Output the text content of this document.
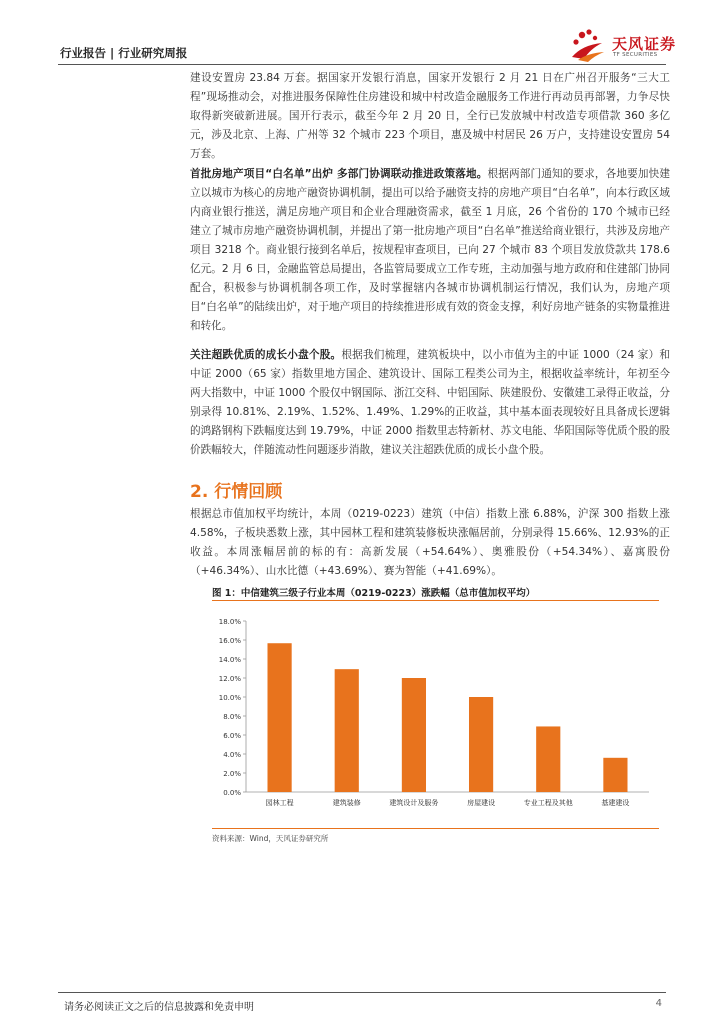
行业报告 | 行业研究周报	天风证券
TF SECURITIES

建设安置房 23.84 万套。据国家开发银行消息，国家开发银行 2 月 21 日在广州召开服务“三大工程”现场推动会，对推进服务保障性住房建设和城中村改造金融服务工作进行再动员再部署，力争尽快取得新突破新进展。国开行表示，截至今年 2 月 20 日，全行已发放城中村改造专项借款 360 多亿元，涉及北京、上海、广州等 32 个城市 223 个项目，惠及城中村居民 26 万户，支持建设安置房 54 万套。

首批房地产项目“白名单”出炉 多部门协调联动推进政策落地。根据两部门通知的要求，各地要加快建立以城市为核心的房地产融资协调机制，提出可以给予融资支持的房地产项目“白名单”，向本行政区域内商业银行推送，满足房地产项目和企业合理融资需求，截至 1 月底，26 个省份的 170 个城市已经建立了城市房地产融资协调机制，并提出了第一批房地产项目“白名单”推送给商业银行，共涉及房地产项目 3218 个。商业银行接到名单后，按规程审查项目，已向 27 个城市 83 个项目发放贷款共 178.6 亿元。2 月 6 日，金融监管总局提出，各监管局要成立工作专班，主动加强与地方政府和住建部门协同配合，积极参与协调机制各项工作，及时掌握辖内各城市协调机制运行情况，我们认为，房地产项目“白名单”的陆续出炉，对于地产项目的持续推进形成有效的资金支撑，利好房地产链条的实物量推进和转化。

关注超跌优质的成长小盘个股。根据我们梳理，建筑板块中，以小市值为主的中证 1000（24 家）和中证 2000（65 家）指数里地方国企、建筑设计、国际工程类公司为主，根据收益率统计，年初至今两大指数中，中证 1000 个股仅中钢国际、浙江交科、中铝国际、陕建股份、安徽建工录得正收益，分别录得 10.81%、2.19%、1.52%、1.49%、1.29%的正收益，其中基本面表现较好且具备成长逻辑的鸿路钢构下跌幅度达到 19.79%，中证 2000 指数里志特新材、苏文电能、华阳国际等优质个股的股价跌幅较大，伴随流动性问题逐步消散，建议关注超跌优质的成长小盘个股。

2. 行情回顾

根据总市值加权平均统计，本周（0219-0223）建筑（中信）指数上涨 6.88%，沪深 300 指数上涨 4.58%，子板块悉数上涨，其中园林工程和建筑装修板块涨幅居前，分别录得 15.66%、12.93%的正收益。本周涨幅居前的标的有：高新发展（+54.64%）、奥雅股份（+54.34%）、嘉寓股份（+46.34%）、山水比德（+43.69%）、赛为智能（+41.69%）。

图 1：中信建筑三级子行业本周（0219-0223）涨跌幅（总市值加权平均）
0.0%
2.0%
4.0%
6.0%
8.0%
10.0%
12.0%
14.0%
16.0%
18.0%
园林工程	建筑装修	建筑设计及服务	房屋建设	专业工程及其他	基建建设
资料来源：Wind，天风证券研究所
请务必阅读正文之后的信息披露和免责申明	4
